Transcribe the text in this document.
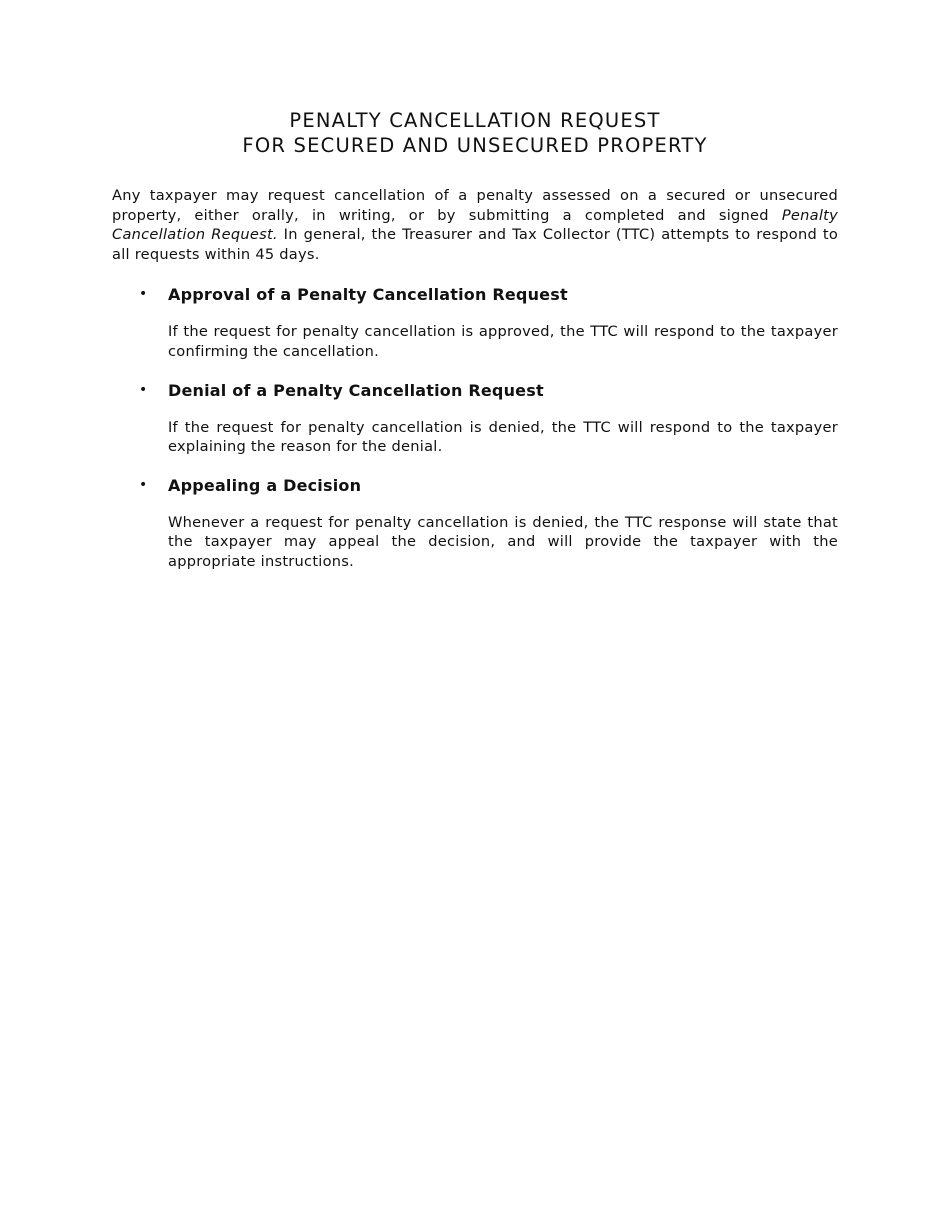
PENALTY CANCELLATION REQUEST
FOR SECURED AND UNSECURED PROPERTY

Any taxpayer may request cancellation of a penalty assessed on a secured or unsecured property, either orally, in writing, or by submitting a completed and signed Penalty Cancellation Request. In general, the Treasurer and Tax Collector (TTC) attempts to respond to all requests within 45 days.

• Approval of a Penalty Cancellation Request

If the request for penalty cancellation is approved, the TTC will respond to the taxpayer confirming the cancellation.

• Denial of a Penalty Cancellation Request

If the request for penalty cancellation is denied, the TTC will respond to the taxpayer explaining the reason for the denial.

• Appealing a Decision

Whenever a request for penalty cancellation is denied, the TTC response will state that the taxpayer may appeal the decision, and will provide the taxpayer with the appropriate instructions.
